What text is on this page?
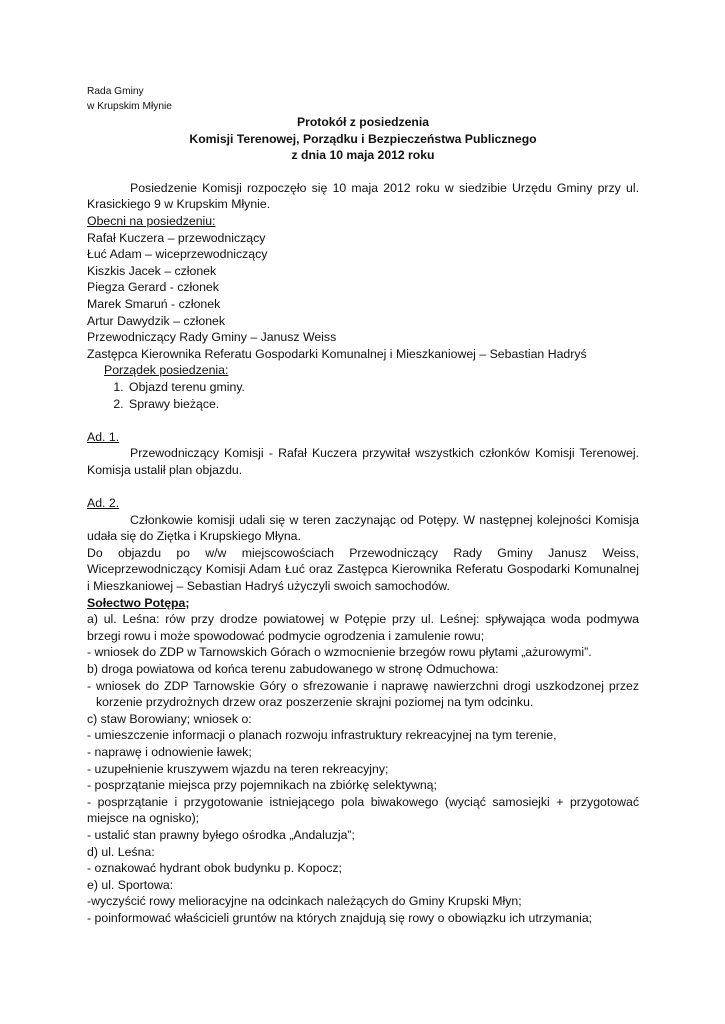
Rada Gminy

w Krupskim Młynie

Protokół z posiedzenia

Komisji Terenowej, Porządku i Bezpieczeństwa Publicznego

z dnia 10 maja 2012 roku

Posiedzenie Komisji rozpoczęło się 10 maja 2012 roku w siedzibie Urzędu Gminy przy ul. Krasickiego 9 w Krupskim Młynie.

Obecni na posiedzeniu:

Rafał Kuczera – przewodniczący

Łuć Adam – wiceprzewodniczący

Kiszkis Jacek – członek

Piegza Gerard - członek

Marek Smaruń - członek

Artur Dawydzik – członek

Przewodniczący Rady Gminy – Janusz Weiss

Zastępca Kierownika Referatu Gospodarki Komunalnej i Mieszkaniowej – Sebastian Hadryś

Porządek posiedzenia:

1. Objazd terenu gminy.
2. Sprawy bieżące.

Ad. 1.

Przewodniczący Komisji - Rafał Kuczera przywitał wszystkich członków Komisji Terenowej. Komisja ustalił plan objazdu.

Ad. 2.

Członkowie komisji udali się w teren zaczynając od Potępy. W następnej kolejności Komisja udała się do Ziętka i Krupskiego Młyna.

Do objazdu po w/w miejscowościach Przewodniczący Rady Gminy Janusz Weiss, Wiceprzewodniczący Komisji Adam Łuć oraz Zastępca Kierownika Referatu Gospodarki Komunalnej i Mieszkaniowej – Sebastian Hadryś użyczyli swoich samochodów.

Sołectwo Potępa;

a) ul. Leśna: rów przy drodze powiatowej w Potępie przy ul. Leśnej: spływająca woda podmywa brzegi rowu i może spowodować podmycie ogrodzenia i zamulenie rowu;

- wniosek do ZDP w Tarnowskich Górach o wzmocnienie brzegów rowu płytami „ażurowymi”.

b) droga powiatowa od końca terenu zabudowanego w stronę Odmuchowa:

- wniosek do ZDP Tarnowskie Góry o sfrezowanie i naprawę nawierzchni drogi uszkodzonej przez korzenie przydrożnych drzew oraz poszerzenie skrajni poziomej na tym odcinku.

c) staw Borowiany; wniosek o:

- umieszczenie informacji o planach rozwoju infrastruktury rekreacyjnej na tym terenie,

- naprawę i odnowienie ławek;

- uzupełnienie kruszywem wjazdu na teren rekreacyjny;

- posprzątanie miejsca przy pojemnikach na zbiórkę selektywną;

- posprzątanie i przygotowanie istniejącego pola biwakowego (wyciąć samosiejki + przygotować miejsce na ognisko);

- ustalić stan prawny byłego ośrodka „Andaluzja”;

d) ul. Leśna:

- oznakować hydrant obok budynku p. Kopocz;

e) ul. Sportowa:

-wyczyścić rowy melioracyjne na odcinkach należących do Gminy Krupski Młyn;

- poinformować właścicieli gruntów na których znajdują się rowy o obowiązku ich utrzymania;
